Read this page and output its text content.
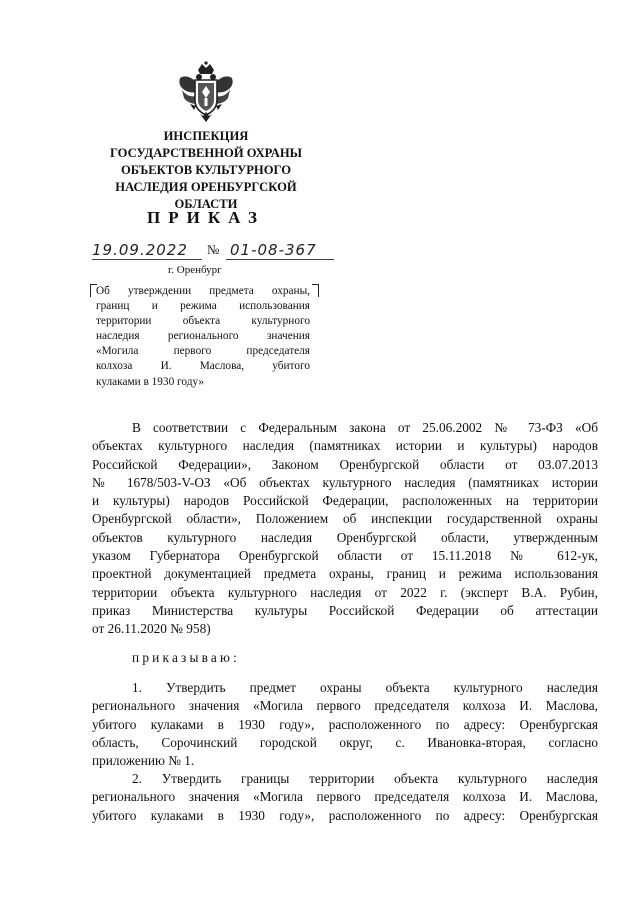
ИНСПЕКЦИЯ
ГОСУДАРСТВЕННОЙ ОХРАНЫ
ОБЪЕКТОВ КУЛЬТУРНОГО
НАСЛЕДИЯ ОРЕНБУРГСКОЙ
ОБЛАСТИ
ПРИКАЗ
19.09.2022 № 01-08-367
г. Оренбург
Об утверждении предмета охраны,
границ и режима использования
территории объекта культурного
наследия регионального значения
«Могила первого председателя
колхоза И. Маслова, убитого
кулаками в 1930 году»
В соответствии с Федеральным закона от 25.06.2002 № 73-ФЗ «Об
объектах культурного наследия (памятниках истории и культуры) народов
Российской Федерации», Законом Оренбургской области от 03.07.2013
№ 1678/503-V-ОЗ «Об объектах культурного наследия (памятниках истории
и культуры) народов Российской Федерации, расположенных на территории
Оренбургской области», Положением об инспекции государственной охраны
объектов культурного наследия Оренбургской области, утвержденным
указом Губернатора Оренбургской области от 15.11.2018 № 612-ук,
проектной документацией предмета охраны, границ и режима использования
территории объекта культурного наследия от 2022 г. (эксперт В.А. Рубин,
приказ Министерства культуры Российской Федерации об аттестации
от 26.11.2020 № 958)
приказываю:
1. Утвердить предмет охраны объекта культурного наследия
регионального значения «Могила первого председателя колхоза И. Маслова,
убитого кулаками в 1930 году», расположенного по адресу: Оренбургская
область, Сорочинский городской округ, с. Ивановка-вторая, согласно
приложению № 1.
2. Утвердить границы территории объекта культурного наследия
регионального значения «Могила первого председателя колхоза И. Маслова,
убитого кулаками в 1930 году», расположенного по адресу: Оренбургская
